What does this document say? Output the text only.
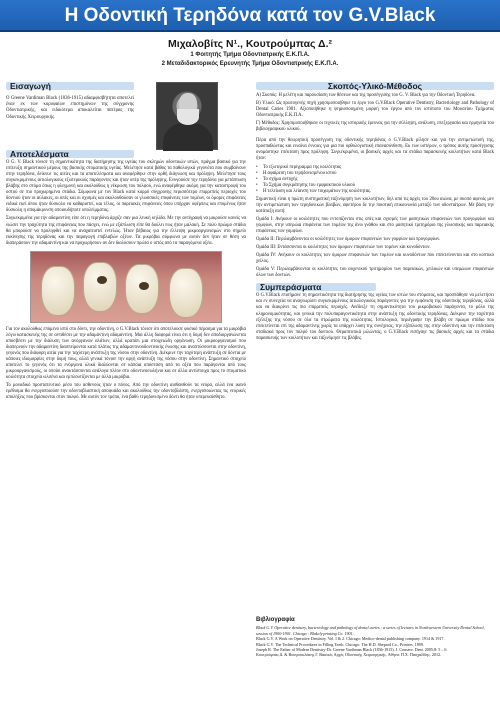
Η Οδοντική Τερηδόνα κατά τον G.V.Black
Μιχαλοβίτς Ν¹., Κουτρούμπας Δ.²
1 Φοιτητής Τμήμα Οδοντιατρικής Ε.Κ.Π.Α.
2 Μεταδιδακτορικός Ερευνητής Τμήμα Οδοντιατρικής Ε.Κ.Π.Α.
Εισαγωγή
O Greene Vardiman Black (1836-1915) αδιαμφισβήτητα αποτελεί έναν εκ των κορυφαίων επιστημόνων της σύγχρονης Οδοντιατρικής, και ειδικότερα αποκαλείται πατέρας της Οδοντικής Χειρουργικής.
Αποτελέσματα

O G. V. Black τόνισε τη σημαντικότητα της διατήρησης της υγείας του σκληρών οδοντικών ιστών, πράγμα βασικό για την επίτευξη σημαντικού μέρους της βασικής στοματικής υγείας. Μελέτησε κατά βάθος τα παθολογικά γεγονότα που συμβαίνουν στην τερηδόνα, δείκνυε τις αιτίες και τα αποτελέσματα και αναφέρθηκε στην ορθή διάγνωση και πρόληψη. Μελέτησε τους συγκεκριμένους αιτιολογικούς εξωτερικούς παράγοντες και ήταν υπέρ της πρόληψης. Ενυγοούσε την τερηδόνα για μετάπτωση βλάβης στο στόμα όπως η φλεγμονή και ακολούθως η νέκρωση του πολφού, ενώ αναφέρθηκε ακόμη για την καταστροφή του οστού σε πιο προχωρημένα στάδια. Σύμφωνα με τον Black κατά κορρό σύγχρονης περισσότερο επιρρεπείς περιοχές του δοντιού ήταν οι αύλακες, οι οπές και οι σχισμές και ακολουθούσαν οι γλωσσικές επιφάνειες των τομέων, οι όμορες επιφάνειες ειδικά εκεί όπου ήταν δύσκολο να καθαριστεί, και τέλος, οι παρειακές επιφάνειες όπου υπήρχαν υφέρπεις και επομένως ήταν δύσκολη η απομάκρυνση οποιουδήποτε υπολείμματος.

Συγκεκριμένα για την αδαμαντίνη είπε ότι η τερηδόνα άρχιζε σαν μια λευκή κηλίδα. Με την αντίγραφή να μικρούσε κανείς να νιώσει την τραχύτητα της επιφάνειας που πάσχει, ενώ με εξάπλωση είπε θα δούλει πως ήταν μαλακή. Σε πολύ πρώιμο στάδιο θα μπορούσε να προληφθεί και να αναχαιτιστεί εντελώς. Ήταν βέβαιος για την έλλειψη μικροοργανισμών στο σημείο εκκίνησης της τερηδόνας και την παραγωγή επιβλαβών οξέων. Τα μικρόβια σύμφωνα με αυτόν δεν ήταν σε θέση να διαπεράσουν την αδαμαντίνη και να προχωρήσουν αν δεν διαλύσουν πρώτα ο ιστός από τα παραγόμενα οξέα.

Για τον ακολούθως επόμενο ιστό στο δόντι, την οδοντίνη, ο G.V.Black τόνισε ότι αποτελούσε φυσικό πέρασμα για τα μικρόβια λόγω κατασκευής της σε αντιθέσει με την αδαμάντινη αδαμαντίνη. Μια άλλη διαφορά είναι ότι η δομή δεν αποδιοργανώνεται αποσβέσει με την διάλυση των ανόργανων αλάτων, αλλά κρατάει μια στοιχειώδη οργάνωση. Οι μικροοργανισμοί που διαπερνούν την αδαμαντίνη διασπείρονται κατά πλάτος της αδαμαντινοοδοντινικής ένωσης και αναπτύσσονται στην οδοντίνη, γεγονός που διάφορη αιτία για την ταχύτερη ανάπτυξη της νόσου στην οδοντίνη. Διέκρινε την ταχύτερη ανάπτυξη σε δόντια με κάποιες ιδιομορφίες στην δομή τους, αλλά γενικά τόνισε την αργή ανάπτυξη της νόσου στην οδοντίνη. Σημαντικό στοιχείο αποτελεί το γεγονός ότι τα ενόργανα υλικά διαλύονται σε κάποια απόσταση από τα οξέα που παράγονται από τους μικροοργανισμούς, οι οποίοι ανακτάσσονται ανάλογα πλέον στο οδοντινοσωλήνιο και σε άλλα αντίστοιχα προς το στοματικό κοιλότητα στοιχεία ωλσένα και εμπλουτίζονται με άλλα μικρόβια.

Το μοναδικό προστατευτικό μέσο του ασθενούς ήταν ο πόνος. Από την οδοντίνη αισθανθούν τα νεύρα, αλλά ένα ικανό ερέθισμα θα ενεργοποιούσε την οδοντοβλαστική αποφυάδα και ακολούθως την οδοντοβλάστη, ενεργοποιώντας τις νευρικές απολήξεις που βρίσκονται στον πολφό. Με αυτόν τον τρόπο, ένα βαθύ τερηδονισμένο δόντι θα ήταν υπερευαίσθητο.

Σκοπός-Υλικό-Μέθοδος

A) Σκοπός: Η μελέτη και παρουσίαση των θέσεων και της προσέγγισης του G. V. Black για την Οδοντική Τερηδόνα.

B) Υλικό: Ως πρωτογενής πηγή χρησιμοποιήθηκε το έργο του G.V.Black Operative Dentistry, Bacteriology and Pathology of Dental Caries 1901. Αξιοποιήθηκε η ψηφιοποιημένη μορφή του έργου από τον ιστότοπο του Μουσείου Τμήματος Οδοντιατρικής Ε.Κ.Π.Α.

Γ) Μέθοδος: Χρησιμοποιήθηκαν οι τεχνικές της ιστορικής έρευνας για την σύλληψη, ανάλυση, επεξεργασία και ερμηνεία του βιβλιογραφικού υλικού.

Πέρα από την θεωρητική προσέγγιση της οδοντικής τερηδόνας ο G.V.Black μίλησε και για την αντιμετώπισή της, προσπαθώντας και ειναίνα έννοιες για μια πιο ορθολογιστική επανασύνθεση. Εκ των υστέρων, ο τρόπος αυτής προσέγγισης ονομάστηκε επέκταση προς πρόληψη. Συγκεκριμένα, οι βασικές αρχές και τα στάδια παρασκευής κοιλοτήτων κατά Black ήταν:

• Το εξωτερικό περίγραμμα της κοιλότητας
• Η αφαίρεση του τερηδονισμένου ιστού
• Το σχήμα αντοχής
• Το Σχήμα συγκράτησης του εμφρακτικού υλικού
• Η τελείωση και λείανση των τοιχωμάτων της κοιλότητας.

Σημαντική είναι η πρώτη συστηματική ταξινόμηση των κοιλοτήτων, δηλ από τις αρχές του 20ου αιώνα, με σκοπό αφενός μεν την αντιμετώπιση των τερηδονικών βλαβών, αφετέρου δε την ποιοτική επικοινωνία μεταξύ των οδοντιάτρων. Με βάση την κατάταξη αυτή:

Ομάδα Ι: Ανήκουν οι κοιλότητες που εντοπίζονται στις οπές και σχισμές των μασητικών επιφανειών των προγομφίων και γομφίων, στην υπερώια επιφάνεια των τομέων της άνω γνάθου και στο μασητικό τριτημόριο της γλωσσικής και παρειακής επιφάνειας των γομφίων.

Ομάδα ΙΙ: Περιλαμβάνονται οι κοιλότητες των όμορων επιφανειών των γομφίων και προγομφίων.

Ομάδα ΙΙΙ: Εντάσσονται οι κοιλότητες των όμορων επιφανειών των τομέων και κυνοδόντων.

Ομάδα IV: Ανήκουν οι κοιλότητες των όμορων επιφανειών των τομέων και κυνοδόντων που επεκτείνονται και στο κοπτικό χείλος.

Ομάδα V: Περιλαμβάνονται οι κοιλότητες του αυχενικού τριτημορίου των παρειακών, χειλικών και υπερώιων επιφανειών όλων των δοντιών.

Συμπεράσματα

O G.V.Black επισήμανε τη σημαντικότητα της διατήρησης της υγείας των ιστών του στόματος, και προσπάθησε να μελετήσει και εν συνεχεία να αναγνωρίσει συγκεκριμένους αιτιολογικούς παράγοντες για την εμφάνιση της οδοντικής τερηδόνας, αλλά και να διακρίνει τις πιο επιρρεπείς περιοχές. Ανέδειξε τη σημαντικότητα του μικροβιακού παράγοντα, το ρόλο της κληρονομικότητας, και γενικά την πολυπαραγοντικότητα στην ανάπτυξη της οδοντικής τερηδόνας. Διέκρινε την ταχύτητα εξέλιξης της νόσου σε όλα τα στρώματα της κοιλότητας. Ιστολογικά, περιέγραψε την βλάβη σε πρώιμο στάδιο που επεκτείνεται επί της αδαμαντίνης χωρίς τα υπάρχει λύση της συνέχειας, την εξάπλωση της στην οδοντίνη και την επέκταση σταδιακά προς τον πολφό του δοντιού. Θεραπευτικά μιλώντας, ο G.V.Black εισήγαγε τις βασικές αρχές και τα στάδια παρασκευής των κοιλοτήτων και ταξινόμησε τις βλάβες.

Βιβλιογραφία
Black G.V. Operative dentistry, bacteriology and pathology of dental caries : a series of lectures in Northwestern University Dental School, session of 1900-1901. Chicago : Blakely printing Co. 1901.
Black G.V. A Work on Operative Dentistry. Vol. I & 2. Chicago: Medico-dental publishing company. 1914 & 1917.
Black G.V. The Technical Procedures in Filling Teeth. Chicago: The H.D. Shepard Co., Printers. 1899.
Joseph R. The Father of Modern Dentistry-Dr. Greene Vardiman Black (1836-1915). J. Conserv. Dent. 2005;8: 5 – 6.
Κουτρούμπας Δ. & Βουγιουκλάκης Γ. Βασικές Αρχές Οδοντικής Χειρουργικής. Αθήνα: Π.Χ. Πασχαλίδης. 2012.
